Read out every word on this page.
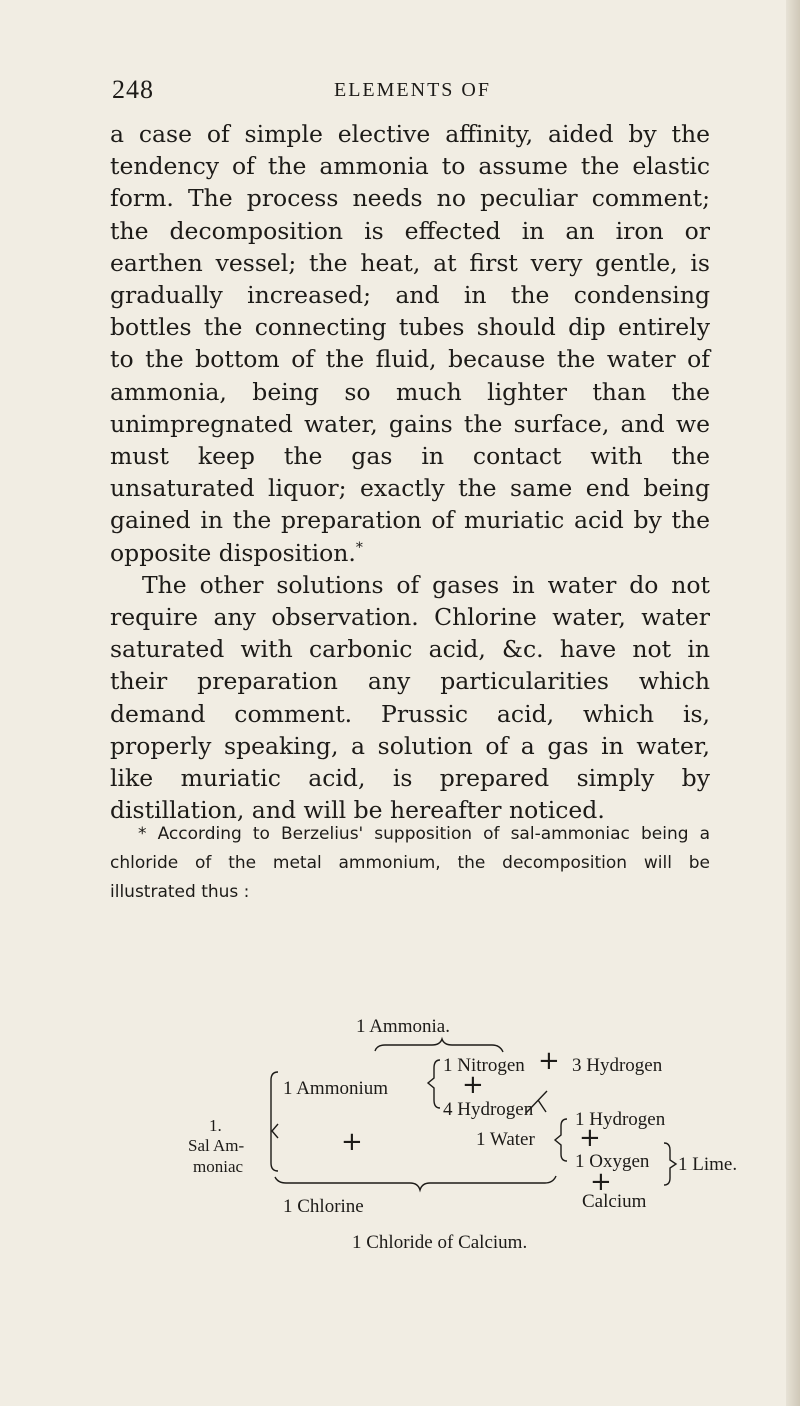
248	ELEMENTS OF

a case of simple elective affinity, aided by the tendency of the ammonia to assume the elastic form. The process needs no peculiar comment; the decomposition is effected in an iron or earthen vessel; the heat, at first very gentle, is gradually increased; and in the condensing bottles the connecting tubes should dip entirely to the bottom of the fluid, because the water of ammonia, being so much lighter than the unimpregnated water, gains the surface, and we must keep the gas in contact with the unsaturated liquor; exactly the same end being gained in the preparation of muriatic acid by the opposite disposition.*

The other solutions of gases in water do not require any observation. Chlorine water, water saturated with carbonic acid, &c. have not in their preparation any particularities which demand comment. Prussic acid, which is, properly speaking, a solution of a gas in water, like muriatic acid, is prepared simply by distillation, and will be hereafter noticed.

* According to Berzelius' supposition of sal-ammoniac being a chloride of the metal ammonium, the decomposition will be illustrated thus :

1 Ammonia.
1 Nitrogen + 3 Hydrogen
1 Ammonium	+
4 Hydrogen
1.
Sal Am-
moniac
+	1 Water
1 Hydrogen
+
1 Oxygen
+
Calcium
1 Lime.
1 Chlorine
1 Chloride of Calcium.
